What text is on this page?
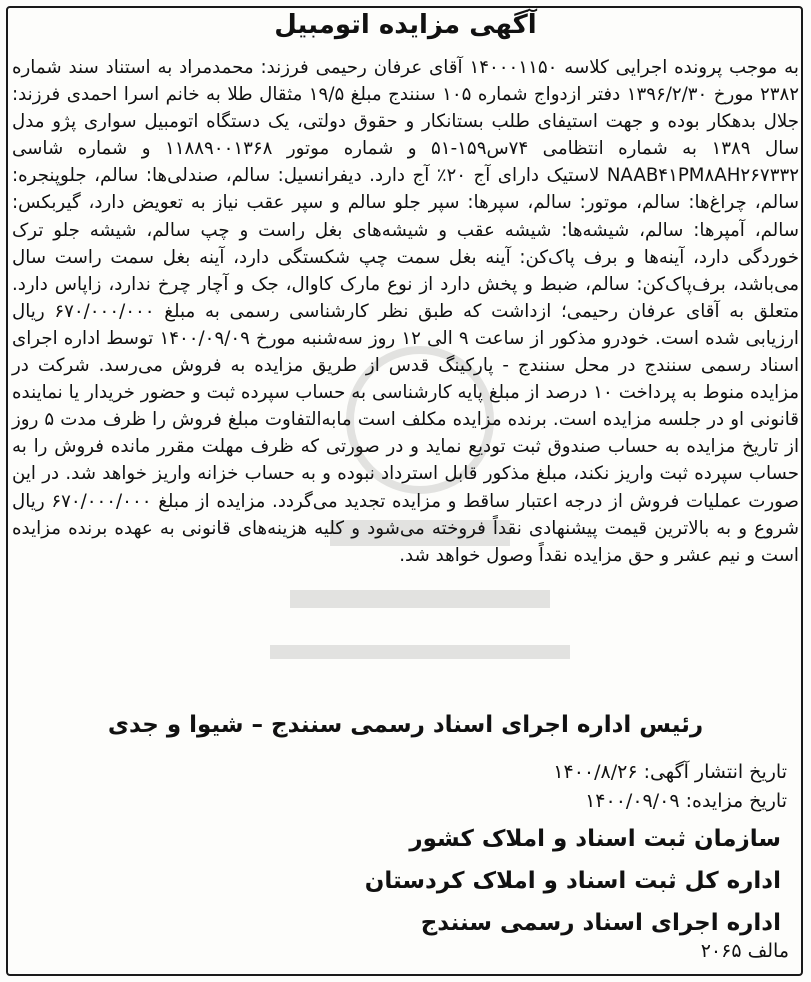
آگهی مزایده اتومبیل

به موجب پرونده اجرایی کلاسه ۱۴۰۰۰۱۱۵۰ آقای عرفان رحیمی فرزند: محمدمراد به استناد سند شماره ۲۳۸۲ مورخ ۱۳۹۶/۲/۳۰ دفتر ازدواج شماره ۱۰۵ سنندج مبلغ ۱۹/۵ مثقال طلا به خانم اسرا احمدی فرزند: جلال بدهکار بوده و جهت استیفای طلب بستانکار و حقوق دولتی، یک دستگاه اتومبیل سواری پژو مدل سال ۱۳۸۹ به شماره انتظامی ۷۴س۱۵۹-۵۱ و شماره موتور ۱۱۸۸۹۰۰۱۳۶۸ و شماره شاسی NAAB۴۱PM۸AH۲۶۷۳۳۲ لاستیک دارای آج ۲۰٪ آج دارد. دیفرانسیل: سالم، صندلی‌ها: سالم، جلوپنجره: سالم، چراغ‌ها: سالم، موتور: سالم، سپرها: سپر جلو سالم و سپر عقب نیاز به تعویض دارد، گیربکس: سالم، آمپرها: سالم، شیشه‌ها: شیشه عقب و شیشه‌های بغل راست و چپ سالم، شیشه جلو ترک خوردگی دارد، آینه‌ها و برف پاک‌کن: آینه بغل سمت چپ شکستگی دارد، آینه بغل سمت راست سال می‌باشد، برف‌پاک‌کن: سالم، ضبط و پخش دارد از نوع مارک کاوال، جک و آچار چرخ ندارد، زاپاس دارد. متعلق به آقای عرفان رحیمی؛ ازداشت که طبق نظر کارشناسی رسمی به مبلغ ۶۷۰/۰۰۰/۰۰۰ ریال ارزیابی شده است. خودرو مذکور از ساعت ۹ الی ۱۲ روز سه‌شنبه مورخ ۱۴۰۰/۰۹/۰۹ توسط اداره اجرای اسناد رسمی سنندج در محل سنندج - پارکینگ قدس از طریق مزایده به فروش می‌رسد. شرکت در مزایده منوط به پرداخت ۱۰ درصد از مبلغ پایه کارشناسی به حساب سپرده ثبت و حضور خریدار یا نماینده قانونی او در جلسه مزایده است. برنده مزایده مکلف است مابه‌التفاوت مبلغ فروش را ظرف مدت ۵ روز از تاریخ مزایده به حساب صندوق ثبت تودیع نماید و در صورتی که ظرف مهلت مقرر مانده فروش را به حساب سپرده ثبت واریز نکند، مبلغ مذکور قابل استرداد نبوده و به حساب خزانه واریز خواهد شد. در این صورت عملیات فروش از درجه اعتبار ساقط و مزایده تجدید می‌گردد. مزایده از مبلغ ۶۷۰/۰۰۰/۰۰۰ ریال شروع و به بالاترین قیمت پیشنهادی نقداً فروخته می‌شود و کلیه هزینه‌های قانونی به عهده برنده مزایده است و نیم عشر و حق مزایده نقداً وصول خواهد شد.

رئیس اداره اجرای اسناد رسمی سنندج – شیوا و جدی
تاریخ انتشار آگهی: ۱۴۰۰/۸/۲۶
تاریخ مزایده: ۱۴۰۰/۰۹/۰۹
سازمان ثبت اسناد و املاک کشور
اداره کل ثبت اسناد و املاک کردستان
اداره اجرای اسناد رسمی سنندج
مالف ۲۰۶۵
